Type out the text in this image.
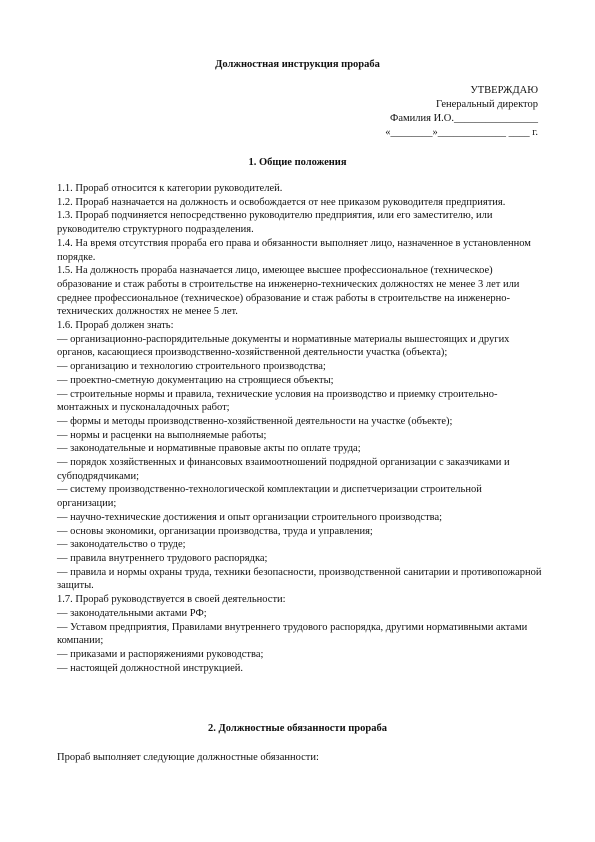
Должностная инструкция прораба
УТВЕРЖДАЮ
Генеральный директор
Фамилия И.О.________________
«________»_____________ ____ г.
1. Общие положения
1.1. Прораб относится к категории руководителей.
1.2. Прораб назначается на должность и освобождается от нее приказом руководителя предприятия.
1.3. Прораб подчиняется непосредственно руководителю предприятия, или его заместителю, или руководителю структурного подразделения.
1.4. На время отсутствия прораба его права и обязанности выполняет лицо, назначенное в установленном порядке.
1.5. На должность прораба назначается лицо, имеющее высшее профессиональное (техническое) образование и стаж работы в строительстве на инженерно-технических должностях не менее 3 лет или среднее профессиональное (техническое) образование и стаж работы в строительстве на инженерно-технических должностях не менее 5 лет.
1.6. Прораб должен знать:
— организационно-распорядительные документы и нормативные материалы вышестоящих и других органов, касающиеся производственно-хозяйственной деятельности участка (объекта);
— организацию и технологию строительного производства;
— проектно-сметную документацию на строящиеся объекты;
— строительные нормы и правила, технические условия на производство и приемку строительно-монтажных и пусконаладочных работ;
— формы и методы производственно-хозяйственной деятельности на участке (объекте);
— нормы и расценки на выполняемые работы;
— законодательные и нормативные правовые акты по оплате труда;
— порядок хозяйственных и финансовых взаимоотношений подрядной организации с заказчиками и субподрядчиками;
— систему производственно-технологической комплектации и диспетчеризации строительной организации;
— научно-технические достижения и опыт организации строительного производства;
— основы экономики, организации производства, труда и управления;
— законодательство о труде;
— правила внутреннего трудового распорядка;
— правила и нормы охраны труда, техники безопасности, производственной санитарии и противопожарной защиты.
1.7. Прораб руководствуется в своей деятельности:
— законодательными актами РФ;
— Уставом предприятия, Правилами внутреннего трудового распорядка, другими нормативными актами компании;
— приказами и распоряжениями руководства;
— настоящей должностной инструкцией.
2. Должностные обязанности прораба
Прораб выполняет следующие должностные обязанности:
